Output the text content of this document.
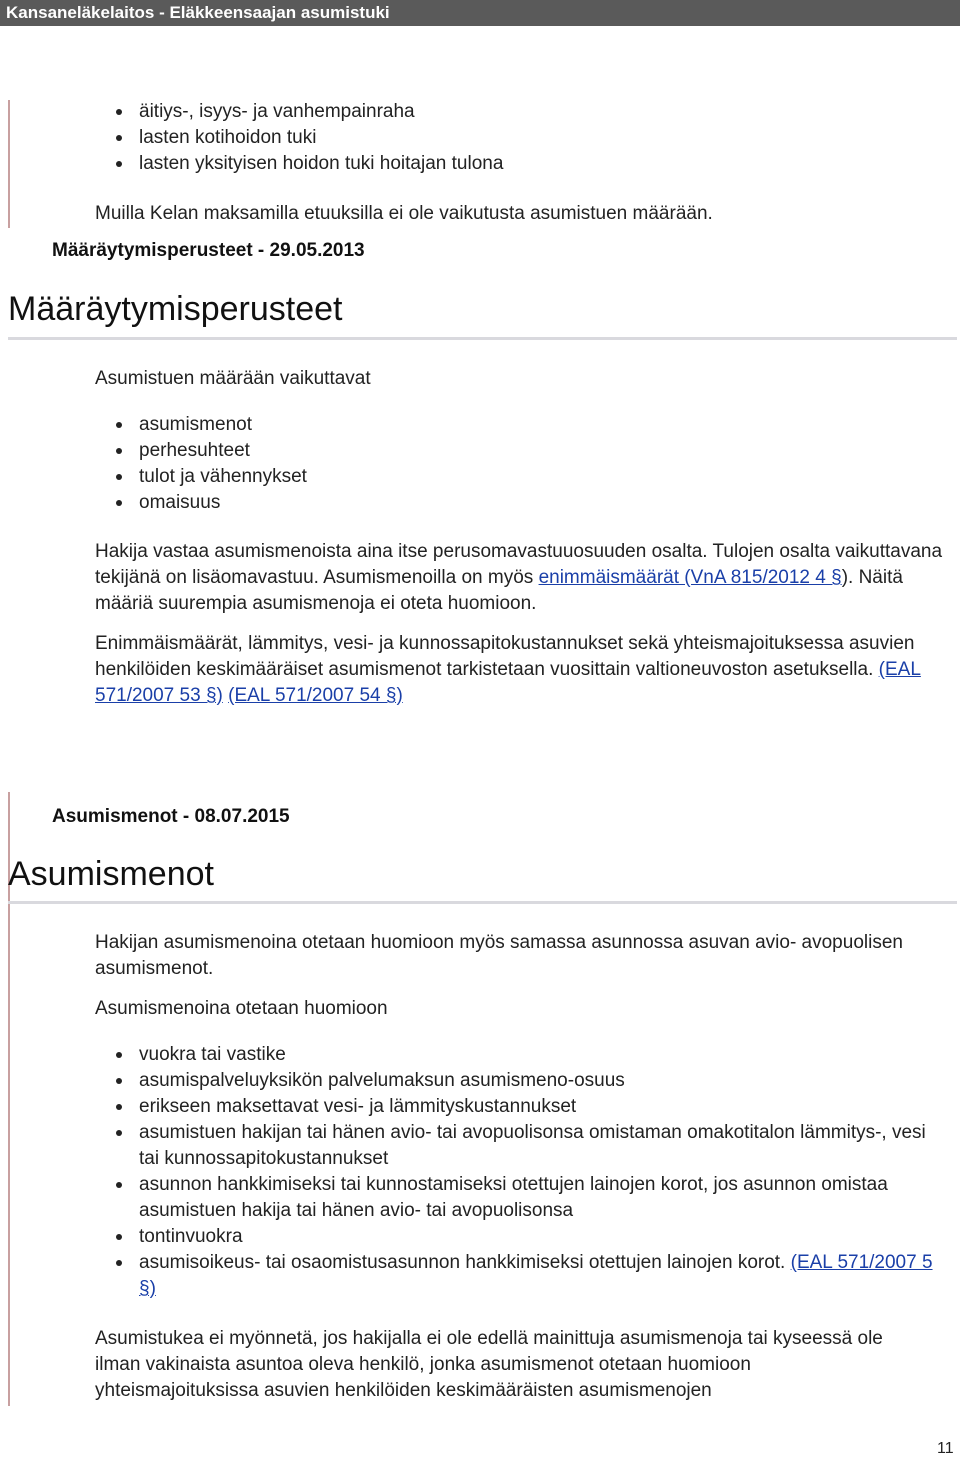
Kansaneläkelaitos - Eläkkeensaajan asumistuki
äitiys-, isyys- ja vanhempainraha
lasten kotihoidon tuki
lasten yksityisen hoidon tuki hoitajan tulona
Muilla Kelan maksamilla etuuksilla ei ole vaikutusta asumistuen määrään.
Määräytymisperusteet - 29.05.2013
Määräytymisperusteet
Asumistuen määrään vaikuttavat
asumismenot
perhesuhteet
tulot ja vähennykset
omaisuus
Hakija vastaa asumismenoista aina itse perusomavastuuosuuden osalta. Tulojen osalta vaikuttavana tekijänä on lisäomavastuu. Asumismenoilla on myös enimmäismäärät (VnA 815/2012 4 §). Näitä määriä suurempia asumismenoja ei oteta huomioon.
Enimmäismäärät, lämmitys, vesi- ja kunnossapitokustannukset sekä yhteismajoituksessa asuvien henkilöiden keskimääräiset asumismenot tarkistetaan vuosittain valtioneuvoston asetuksella. (EAL 571/2007 53 §) (EAL 571/2007 54 §)
Asumismenot - 08.07.2015
Asumismenot
Hakijan asumismenoina otetaan huomioon myös samassa asunnossa asuvan avio- avopuolisen asumismenot.
Asumismenoina otetaan huomioon
vuokra tai vastike
asumispalveluyksikön palvelumaksun asumismeno-osuus
erikseen maksettavat vesi- ja lämmityskustannukset
asumistuen hakijan tai hänen avio- tai avopuolisonsa omistaman omakotitalon lämmitys-, vesi tai kunnossapitokustannukset
asunnon hankkimiseksi tai kunnostamiseksi otettujen lainojen korot, jos asunnon omistaa asumistuen hakija tai hänen avio- tai avopuolisonsa
tontinvuokra
asumisoikeus- tai osaomistusasunnon hankkimiseksi otettujen lainojen korot. (EAL 571/2007 5 §)
Asumistukea ei myönnetä, jos hakijalla ei ole edellä mainittuja asumismenoja tai kyseessä ole ilman vakinaista asuntoa oleva henkilö, jonka asumismenot otetaan huomioon yhteismajoituksissa asuvien henkilöiden keskimääräisten asumismenojen
11
